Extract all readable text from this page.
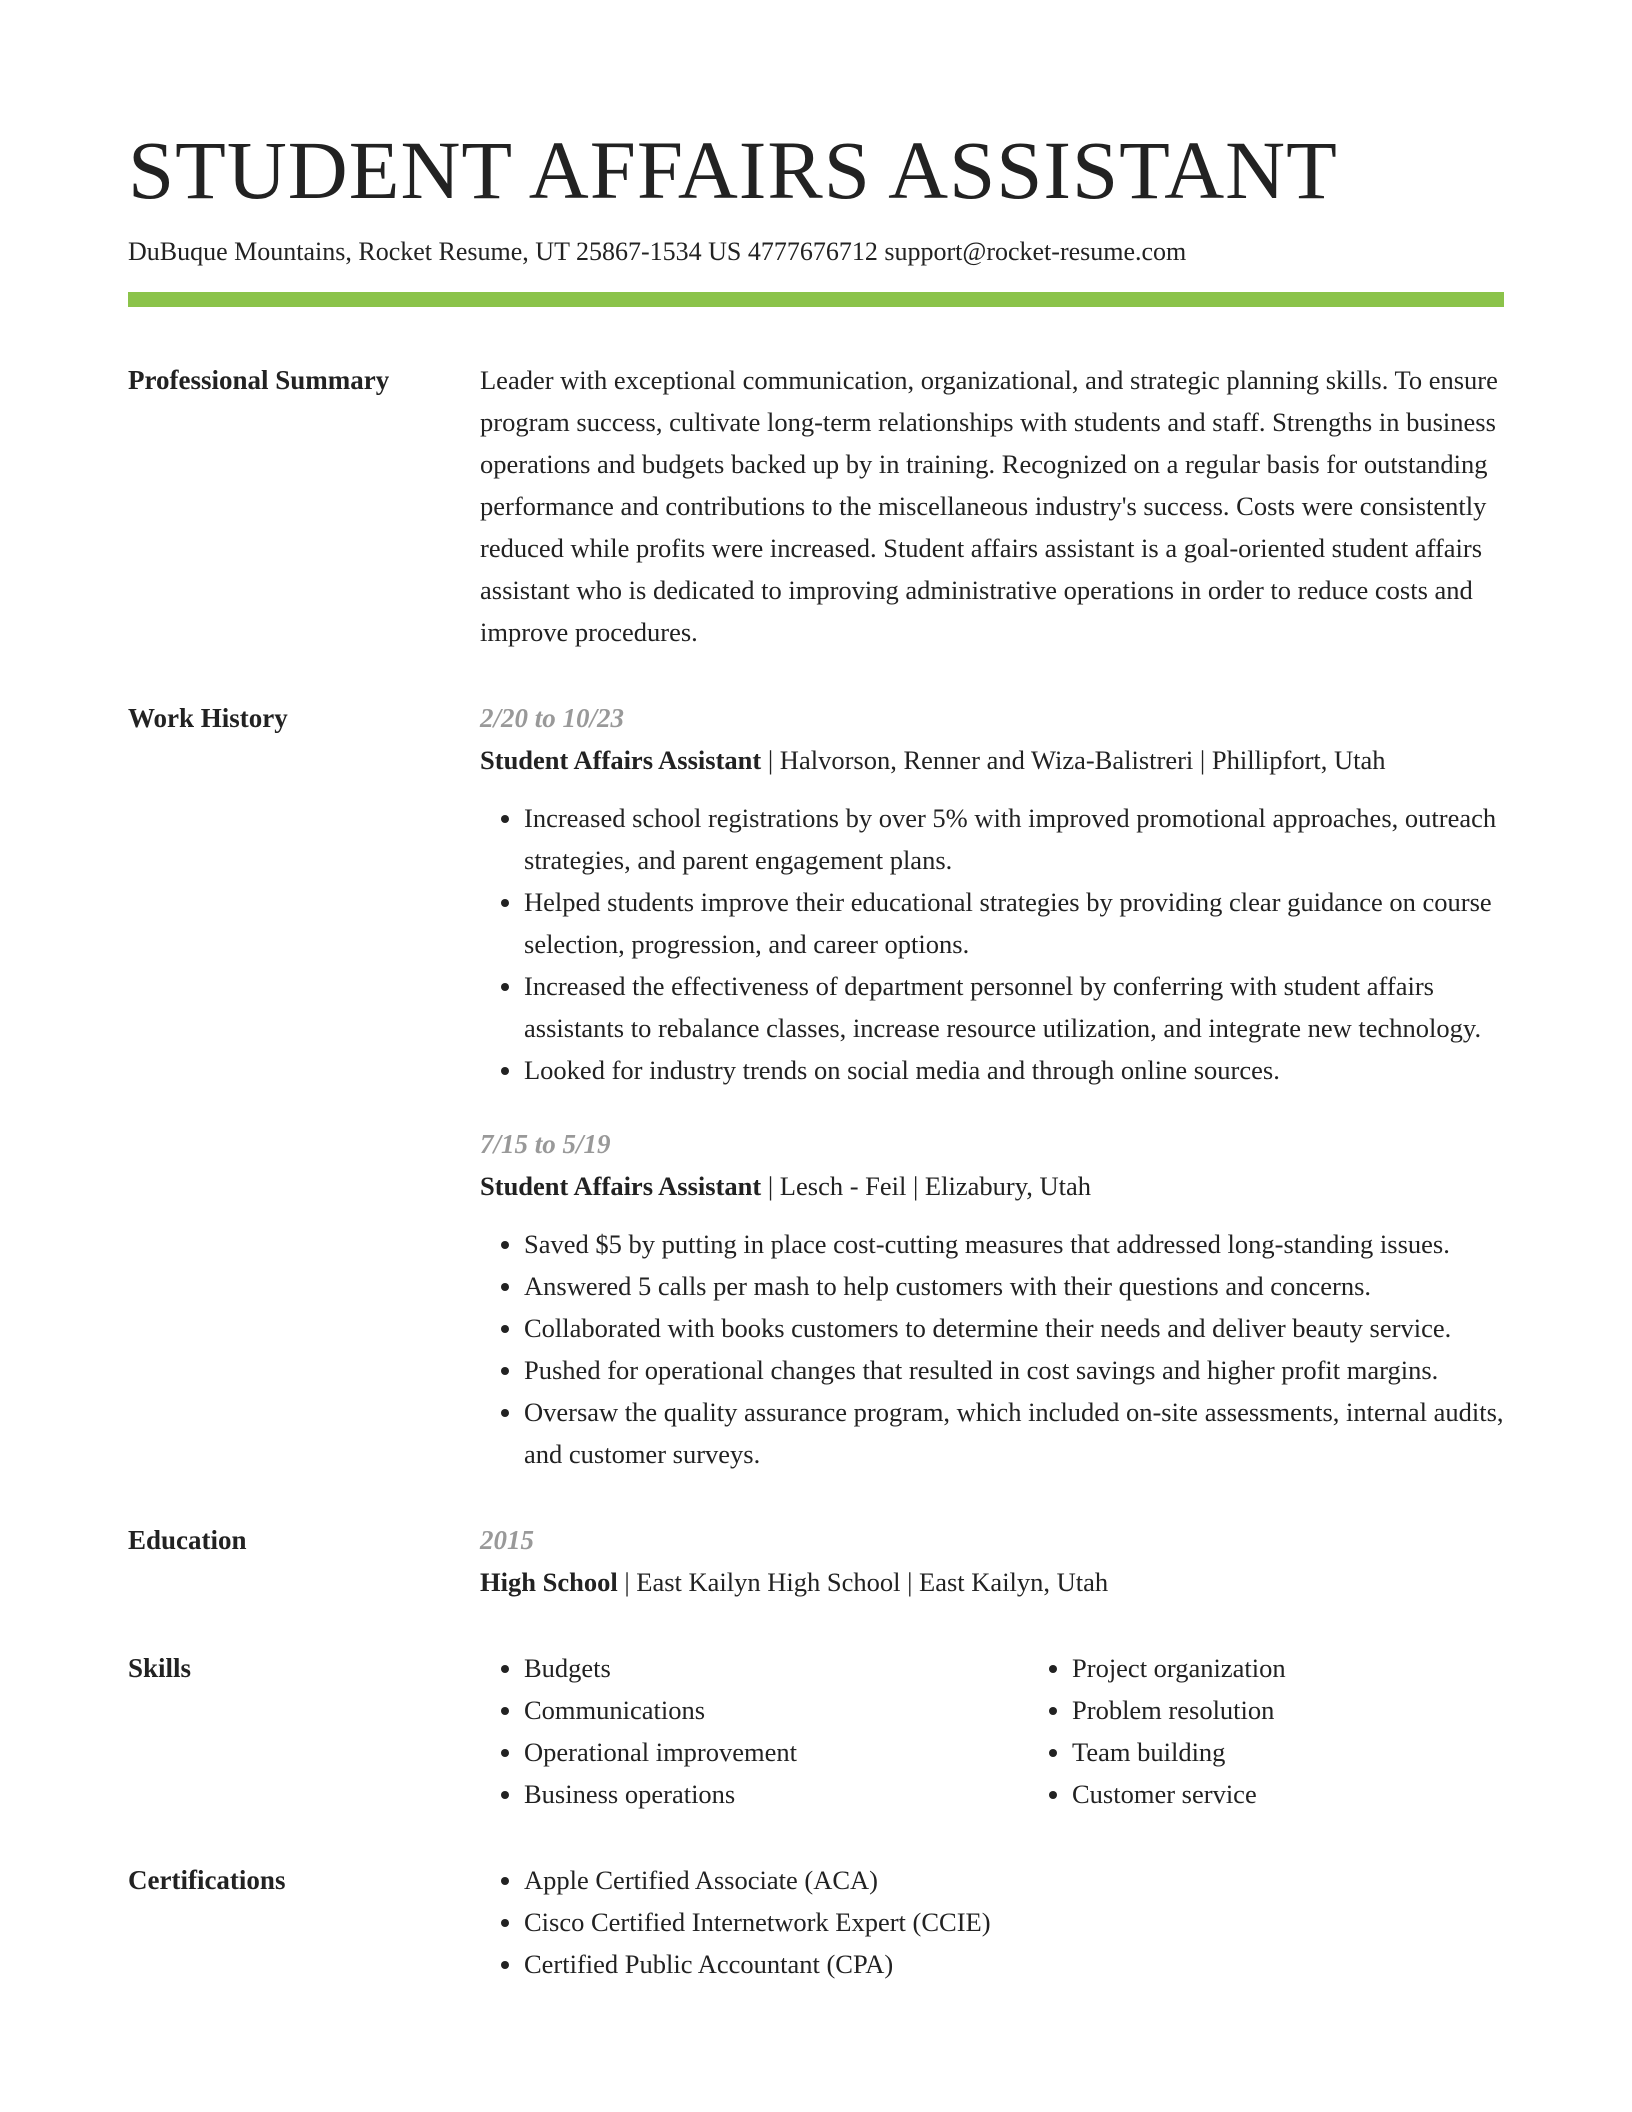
STUDENT AFFAIRS ASSISTANT
DuBuque Mountains, Rocket Resume, UT 25867-1534 US 4777676712 support@rocket-resume.com
Professional Summary	Leader with exceptional communication, organizational, and strategic planning skills. To ensure program success, cultivate long-term relationships with students and staff. Strengths in business operations and budgets backed up by in training. Recognized on a regular basis for outstanding performance and contributions to the miscellaneous industry's success. Costs were consistently reduced while profits were increased. Student affairs assistant is a goal-oriented student affairs assistant who is dedicated to improving administrative operations in order to reduce costs and improve procedures.

Work History	2/20 to 10/23
Student Affairs Assistant | Halvorson, Renner and Wiza-Balistreri | Phillipfort, Utah
• Increased school registrations by over 5% with improved promotional approaches, outreach strategies, and parent engagement plans.
• Helped students improve their educational strategies by providing clear guidance on course selection, progression, and career options.
• Increased the effectiveness of department personnel by conferring with student affairs assistants to rebalance classes, increase resource utilization, and integrate new technology.
• Looked for industry trends on social media and through online sources.
7/15 to 5/19
Student Affairs Assistant | Lesch - Feil | Elizabury, Utah
• Saved $5 by putting in place cost-cutting measures that addressed long-standing issues.
• Answered 5 calls per mash to help customers with their questions and concerns.
• Collaborated with books customers to determine their needs and deliver beauty service.
• Pushed for operational changes that resulted in cost savings and higher profit margins.
• Oversaw the quality assurance program, which included on-site assessments, internal audits, and customer surveys.
Education	2015
High School | East Kailyn High School | East Kailyn, Utah
Skills	• Budgets
• Communications
• Operational improvement
• Business operations
• Project organization
• Problem resolution
• Team building
• Customer service
Certifications	• Apple Certified Associate (ACA)
• Cisco Certified Internetwork Expert (CCIE)
• Certified Public Accountant (CPA)
